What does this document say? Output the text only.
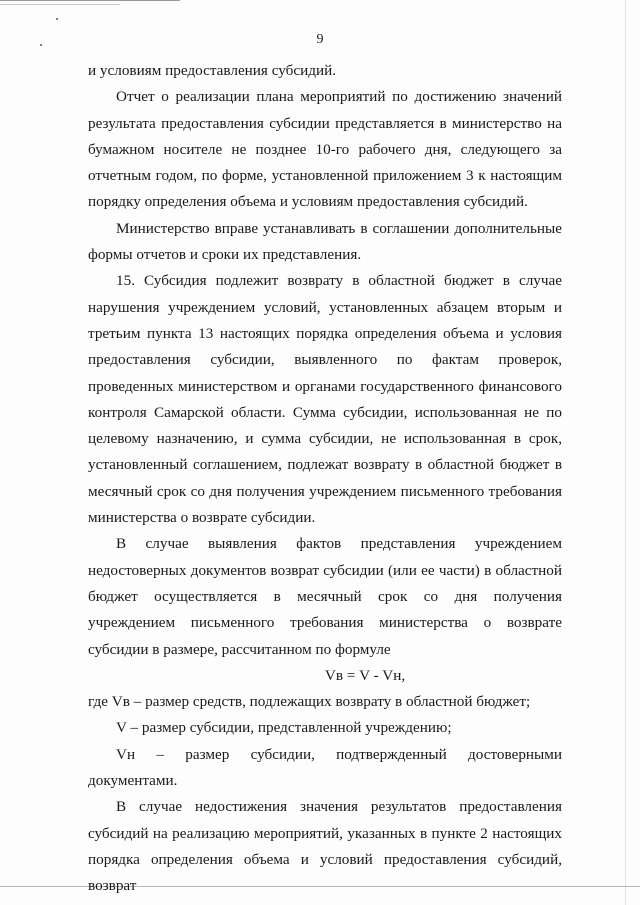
9

и условиям предоставления субсидий.

Отчет о реализации плана мероприятий по достижению значений результата предоставления субсидии представляется в министерство на бумажном носителе не позднее 10-го рабочего дня, следующего за отчетным годом, по форме, установленной приложением 3 к настоящим порядку определения объема и условиям предоставления субсидий.

Министерство вправе устанавливать в соглашении дополнительные формы отчетов и сроки их представления.

15. Субсидия подлежит возврату в областной бюджет в случае нарушения учреждением условий, установленных абзацем вторым и третьим пункта 13 настоящих порядка определения объема и условия предоставления субсидии, выявленного по фактам проверок, проведенных министерством и органами государственного финансового контроля Самарской области. Сумма субсидии, использованная не по целевому назначению, и сумма субсидии, не использованная в срок, установленный соглашением, подлежат возврату в областной бюджет в месячный срок со дня получения учреждением письменного требования министерства о возврате субсидии.

В случае выявления фактов представления учреждением недостоверных документов возврат субсидии (или ее части) в областной бюджет осуществляется в месячный срок со дня получения учреждением письменного требования министерства о возврате субсидии в размере, рассчитанном по формуле

Vв = V - Vн,

где Vв – размер средств, подлежащих возврату в областной бюджет;

V – размер субсидии, представленной учреждению;

Vн – размер субсидии, подтвержденный достоверными документами.

В случае недостижения значения результатов предоставления субсидий на реализацию мероприятий, указанных в пункте 2 настоящих порядка определения объема и условий предоставления субсидий, возврат
